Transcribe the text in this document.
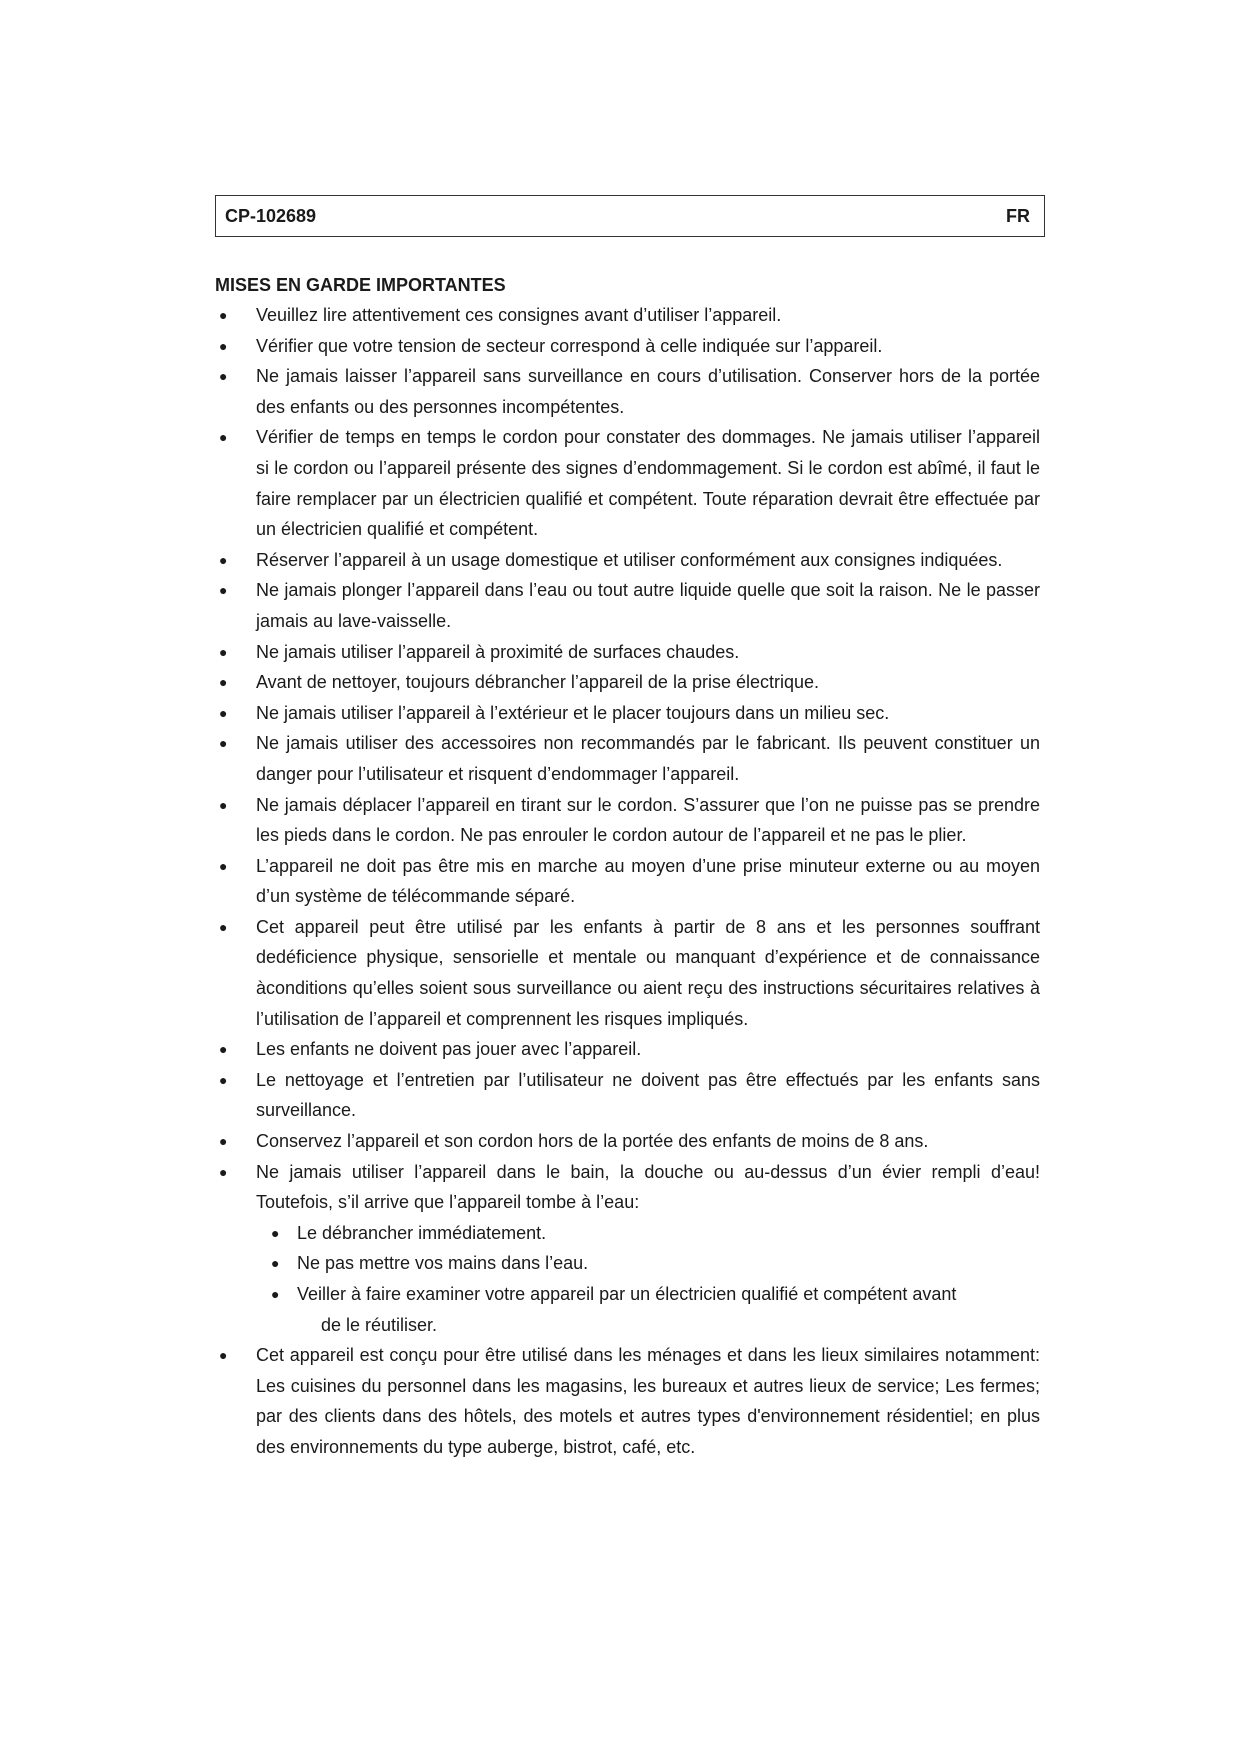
CP-102689	FR
MISES EN GARDE IMPORTANTES
● Veuillez lire attentivement ces consignes avant d’utiliser l’appareil.
● Vérifier que votre tension de secteur correspond à celle indiquée sur l’appareil.
● Ne jamais laisser l’appareil sans surveillance en cours d’utilisation. Conserver hors de la portée des enfants ou des personnes incompétentes.
● Vérifier de temps en temps le cordon pour constater des dommages. Ne jamais utiliser l’appareil si le cordon ou l’appareil présente des signes d’endommagement. Si le cordon est abîmé, il faut le faire remplacer par un électricien qualifié et compétent. Toute réparation devrait être effectuée par un électricien qualifié et compétent.
● Réserver l’appareil à un usage domestique et utiliser conformément aux consignes indiquées.
● Ne jamais plonger l’appareil dans l’eau ou tout autre liquide quelle que soit la raison. Ne le passer jamais au lave-vaisselle.
● Ne jamais utiliser l’appareil à proximité de surfaces chaudes.
● Avant de nettoyer, toujours débrancher l’appareil de la prise électrique.
● Ne jamais utiliser l’appareil à l’extérieur et le placer toujours dans un milieu sec.
● Ne jamais utiliser des accessoires non recommandés par le fabricant. Ils peuvent constituer un danger pour l’utilisateur et risquent d’endommager l’appareil.
● Ne jamais déplacer l’appareil en tirant sur le cordon. S’assurer que l’on ne puisse pas se prendre les pieds dans le cordon. Ne pas enrouler le cordon autour de l’appareil et ne pas le plier.
● L’appareil ne doit pas être mis en marche au moyen d’une prise minuteur externe ou au moyen d’un système de télécommande séparé.
● Cet appareil peut être utilisé par les enfants à partir de 8 ans et les personnes souffrant dedéficience physique, sensorielle et mentale ou manquant d’expérience et de connaissance àconditions qu’elles soient sous surveillance ou aient reçu des instructions sécuritaires relatives à l’utilisation de l’appareil et comprennent les risques impliqués.
● Les enfants ne doivent pas jouer avec l’appareil.
● Le nettoyage et l’entretien par l’utilisateur ne doivent pas être effectués par les enfants sans surveillance.
● Conservez l’appareil et son cordon hors de la portée des enfants de moins de 8 ans.
● Ne jamais utiliser l’appareil dans le bain, la douche ou au-dessus d’un évier rempli d’eau! Toutefois, s’il arrive que l’appareil tombe à l’eau:
● Le débrancher immédiatement.
● Ne pas mettre vos mains dans l’eau.
● Veiller à faire examiner votre appareil par un électricien qualifié et compétent avant
de le réutiliser.
● Cet appareil est conçu pour être utilisé dans les ménages et dans les lieux similaires notamment: Les cuisines du personnel dans les magasins, les bureaux et autres lieux de service; Les fermes; par des clients dans des hôtels, des motels et autres types d'environnement résidentiel; en plus des environnements du type auberge, bistrot, café, etc.
